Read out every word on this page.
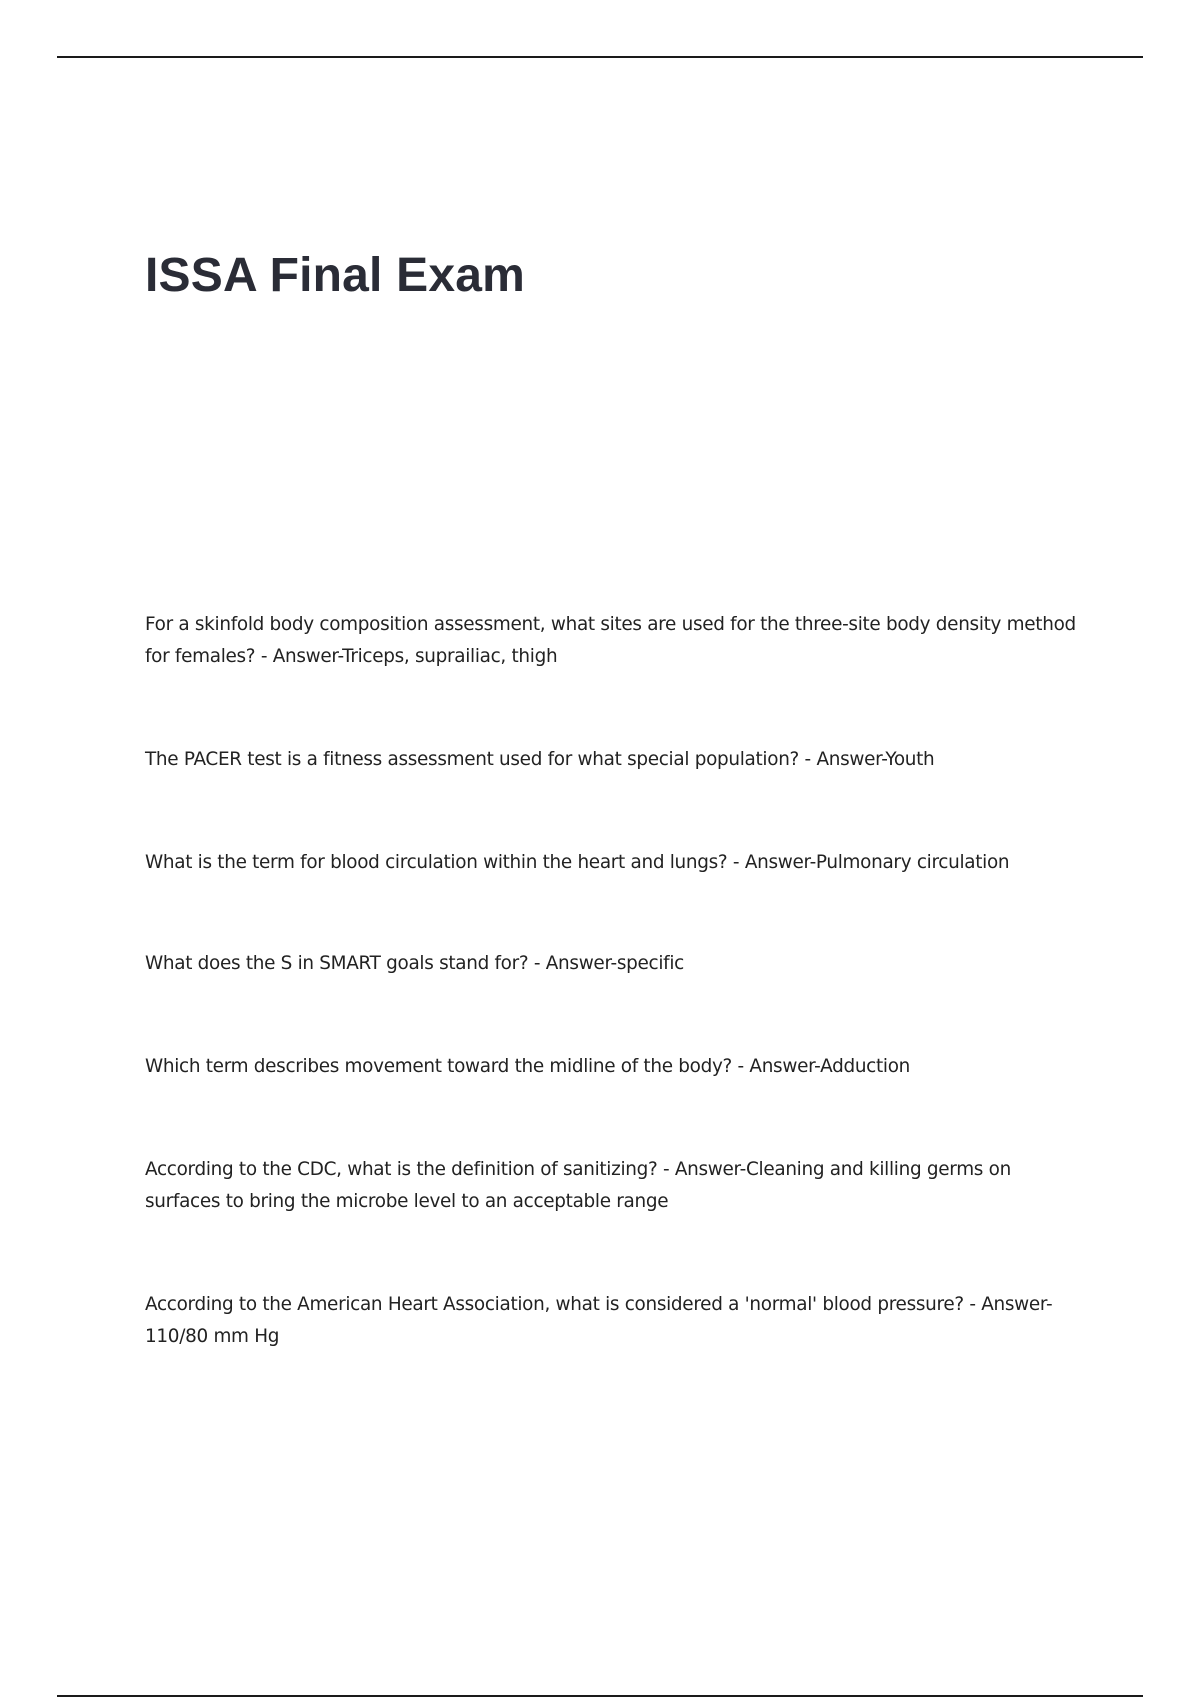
ISSA Final Exam
For a skinfold body composition assessment, what sites are used for the three-site body density method for females? - Answer-Triceps, suprailiac, thigh
The PACER test is a fitness assessment used for what special population? - Answer-Youth
What is the term for blood circulation within the heart and lungs? - Answer-Pulmonary circulation
What does the S in SMART goals stand for? - Answer-specific
Which term describes movement toward the midline of the body? - Answer-Adduction
According to the CDC, what is the definition of sanitizing? - Answer-Cleaning and killing germs on surfaces to bring the microbe level to an acceptable range
According to the American Heart Association, what is considered a 'normal' blood pressure? - Answer-110/80 mm Hg
